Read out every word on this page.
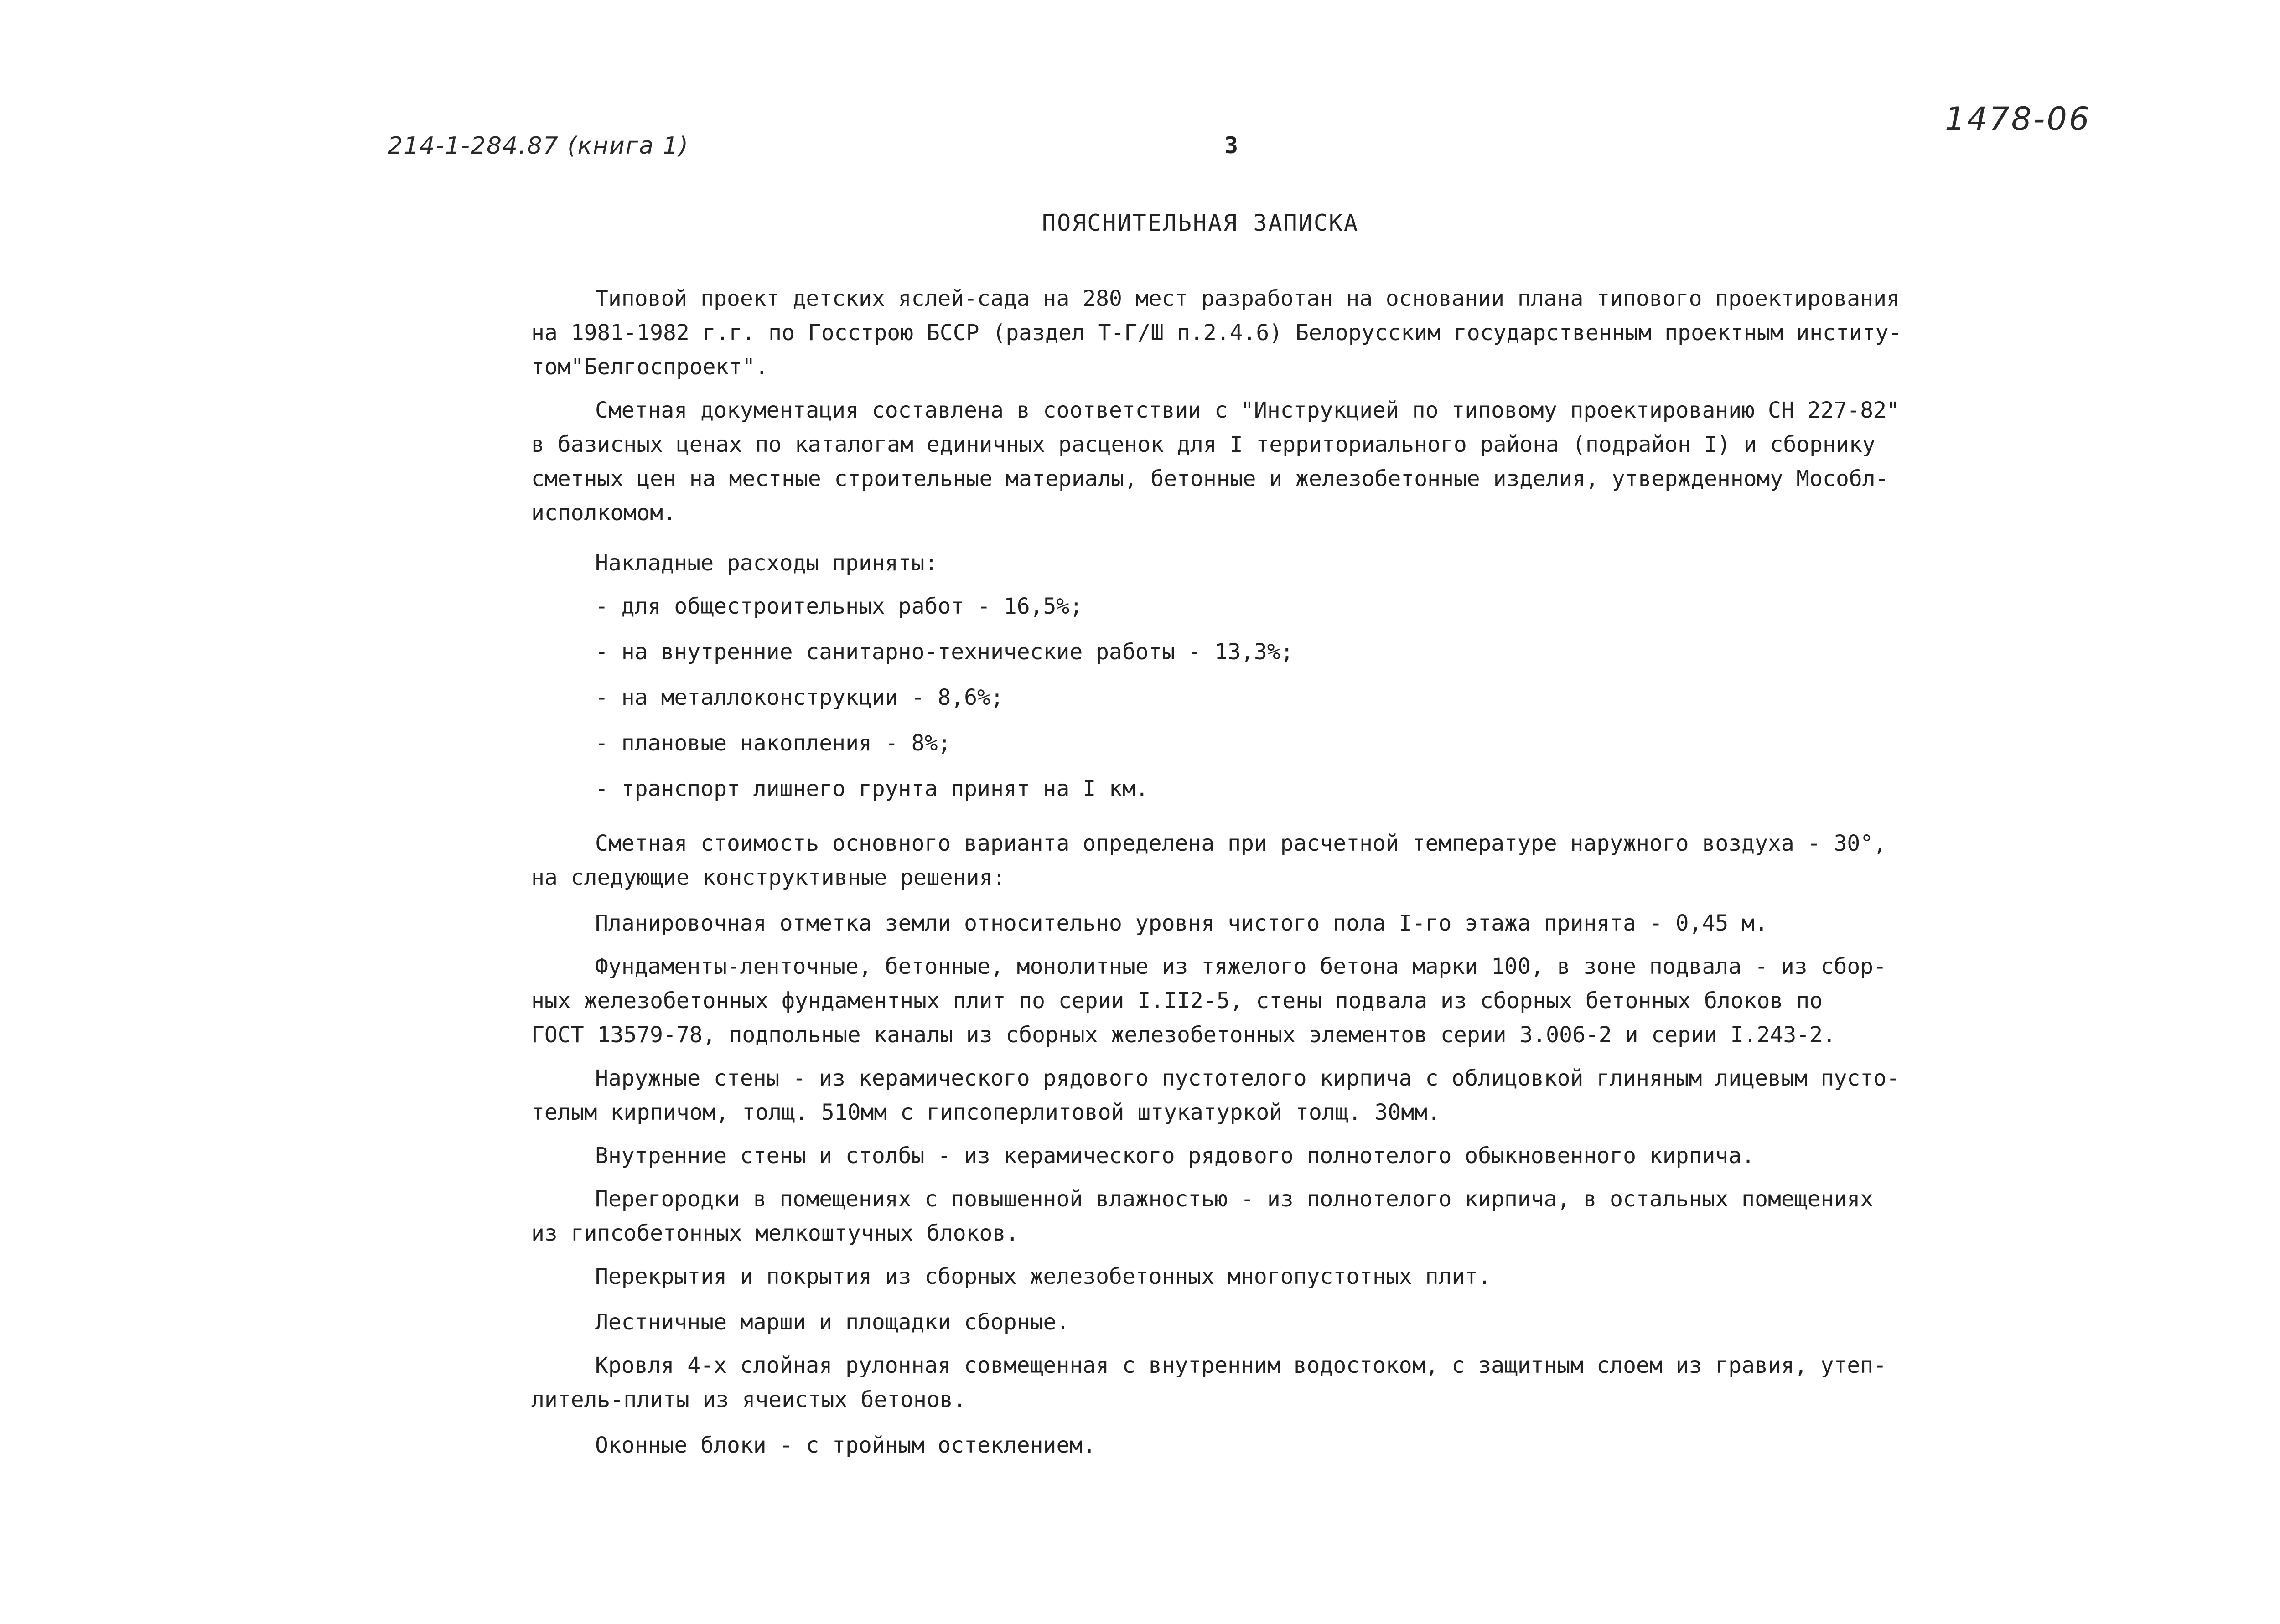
214-1-284.87 (книга 1)
1478-06
3
ПОЯСНИТЕЛЬНАЯ ЗАПИСКА
Типовой проект детских яслей-сада на 280 мест разработан на основании плана типового проектирования
на 1981-1982 г.г. по Госстрою БССР (раздел Т-Г/Ш п.2.4.6) Белорусским государственным проектным институ-
том"Белгоспроект".
Сметная документация составлена в соответствии с "Инструкцией по типовому проектированию СН 227-82"
в базисных ценах по каталогам единичных расценок для I территориального района (подрайон I) и сборнику
сметных цен на местные строительные материалы, бетонные и железобетонные изделия, утвержденному Мособл-
исполкомом.
Накладные расходы приняты:
- для общестроительных работ - 16,5%;
- на внутренние санитарно-технические работы - 13,3%;
- на металлоконструкции - 8,6%;
- плановые накопления - 8%;
- транспорт лишнего грунта принят на I км.
Сметная стоимость основного варианта определена при расчетной температуре наружного воздуха - 30°,
на следующие конструктивные решения:
Планировочная отметка земли относительно уровня чистого пола I-го этажа принята - 0,45 м.
Фундаменты-ленточные, бетонные, монолитные из тяжелого бетона марки 100, в зоне подвала - из сбор-
ных железобетонных фундаментных плит по серии I.II2-5, стены подвала из сборных бетонных блоков по
ГОСТ 13579-78, подпольные каналы из сборных железобетонных элементов серии 3.006-2 и серии I.243-2.
Наружные стены - из керамического рядового пустотелого кирпича с облицовкой глиняным лицевым пусто-
телым кирпичом, толщ. 510мм с гипсоперлитовой штукатуркой толщ. 30мм.
Внутренние стены и столбы - из керамического рядового полнотелого обыкновенного кирпича.
Перегородки в помещениях с повышенной влажностью - из полнотелого кирпича, в остальных помещениях
из гипсобетонных мелкоштучных блоков.
Перекрытия и покрытия из сборных железобетонных многопустотных плит.
Лестничные марши и площадки сборные.
Кровля 4-х слойная рулонная совмещенная с внутренним водостоком, с защитным слоем из гравия, утеп-
литель-плиты из ячеистых бетонов.
Оконные блоки - с тройным остеклением.
